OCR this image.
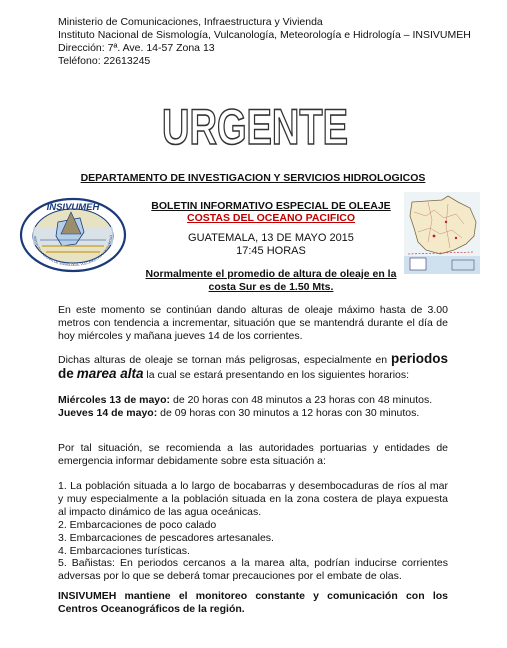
Ministerio de Comunicaciones, Infraestructura y Vivienda
Instituto Nacional de Sismología, Vulcanología, Meteorología e Hidrología – INSIVUMEH
Dirección: 7ª. Ave. 14-57 Zona 13
Teléfono: 22613245
URGENTE
DEPARTAMENTO DE INVESTIGACION Y SERVICIOS HIDROLOGICOS
INSIVUMEH
INSTITUTO NACIONAL DE SISMOLOGIA, VULCANOLOGIA, METEOROLO
BOLETIN INFORMATIVO ESPECIAL DE OLEAJE
COSTAS DEL OCEANO PACIFICO
GUATEMALA, 13 DE MAYO 2015
17:45 HORAS
Normalmente el promedio de altura de oleaje en la
costa Sur es de 1.50 Mts.
En este momento se continúan dando alturas de oleaje máximo hasta de 3.00 metros con tendencia a incrementar, situación que se mantendrá durante el día de hoy miércoles y mañana jueves 14 de los corrientes.
Dichas alturas de oleaje se tornan más peligrosas, especialmente en periodos de marea alta la cual se estará presentando en los siguientes horarios:
Miércoles 13 de mayo: de 20 horas con 48 minutos a 23 horas con 48 minutos.
Jueves 14 de mayo: de 09 horas con 30 minutos a 12 horas con 30 minutos.
Por tal situación, se recomienda a las autoridades portuarias y entidades de emergencia informar debidamente sobre esta situación a:
1. La población situada a lo largo de bocabarras y desembocaduras de ríos al mar y muy especialmente a la población situada en la zona costera de playa expuesta al impacto dinámico de las agua oceánicas.
2. Embarcaciones de poco calado
3. Embarcaciones de pescadores artesanales.
4. Embarcaciones turísticas.
5. Bañistas: En periodos cercanos a la marea alta, podrían inducirse corrientes adversas por lo que se deberá tomar precauciones por el embate de olas.
INSIVUMEH mantiene el monitoreo constante y comunicación con los Centros Oceanográficos de la región.
